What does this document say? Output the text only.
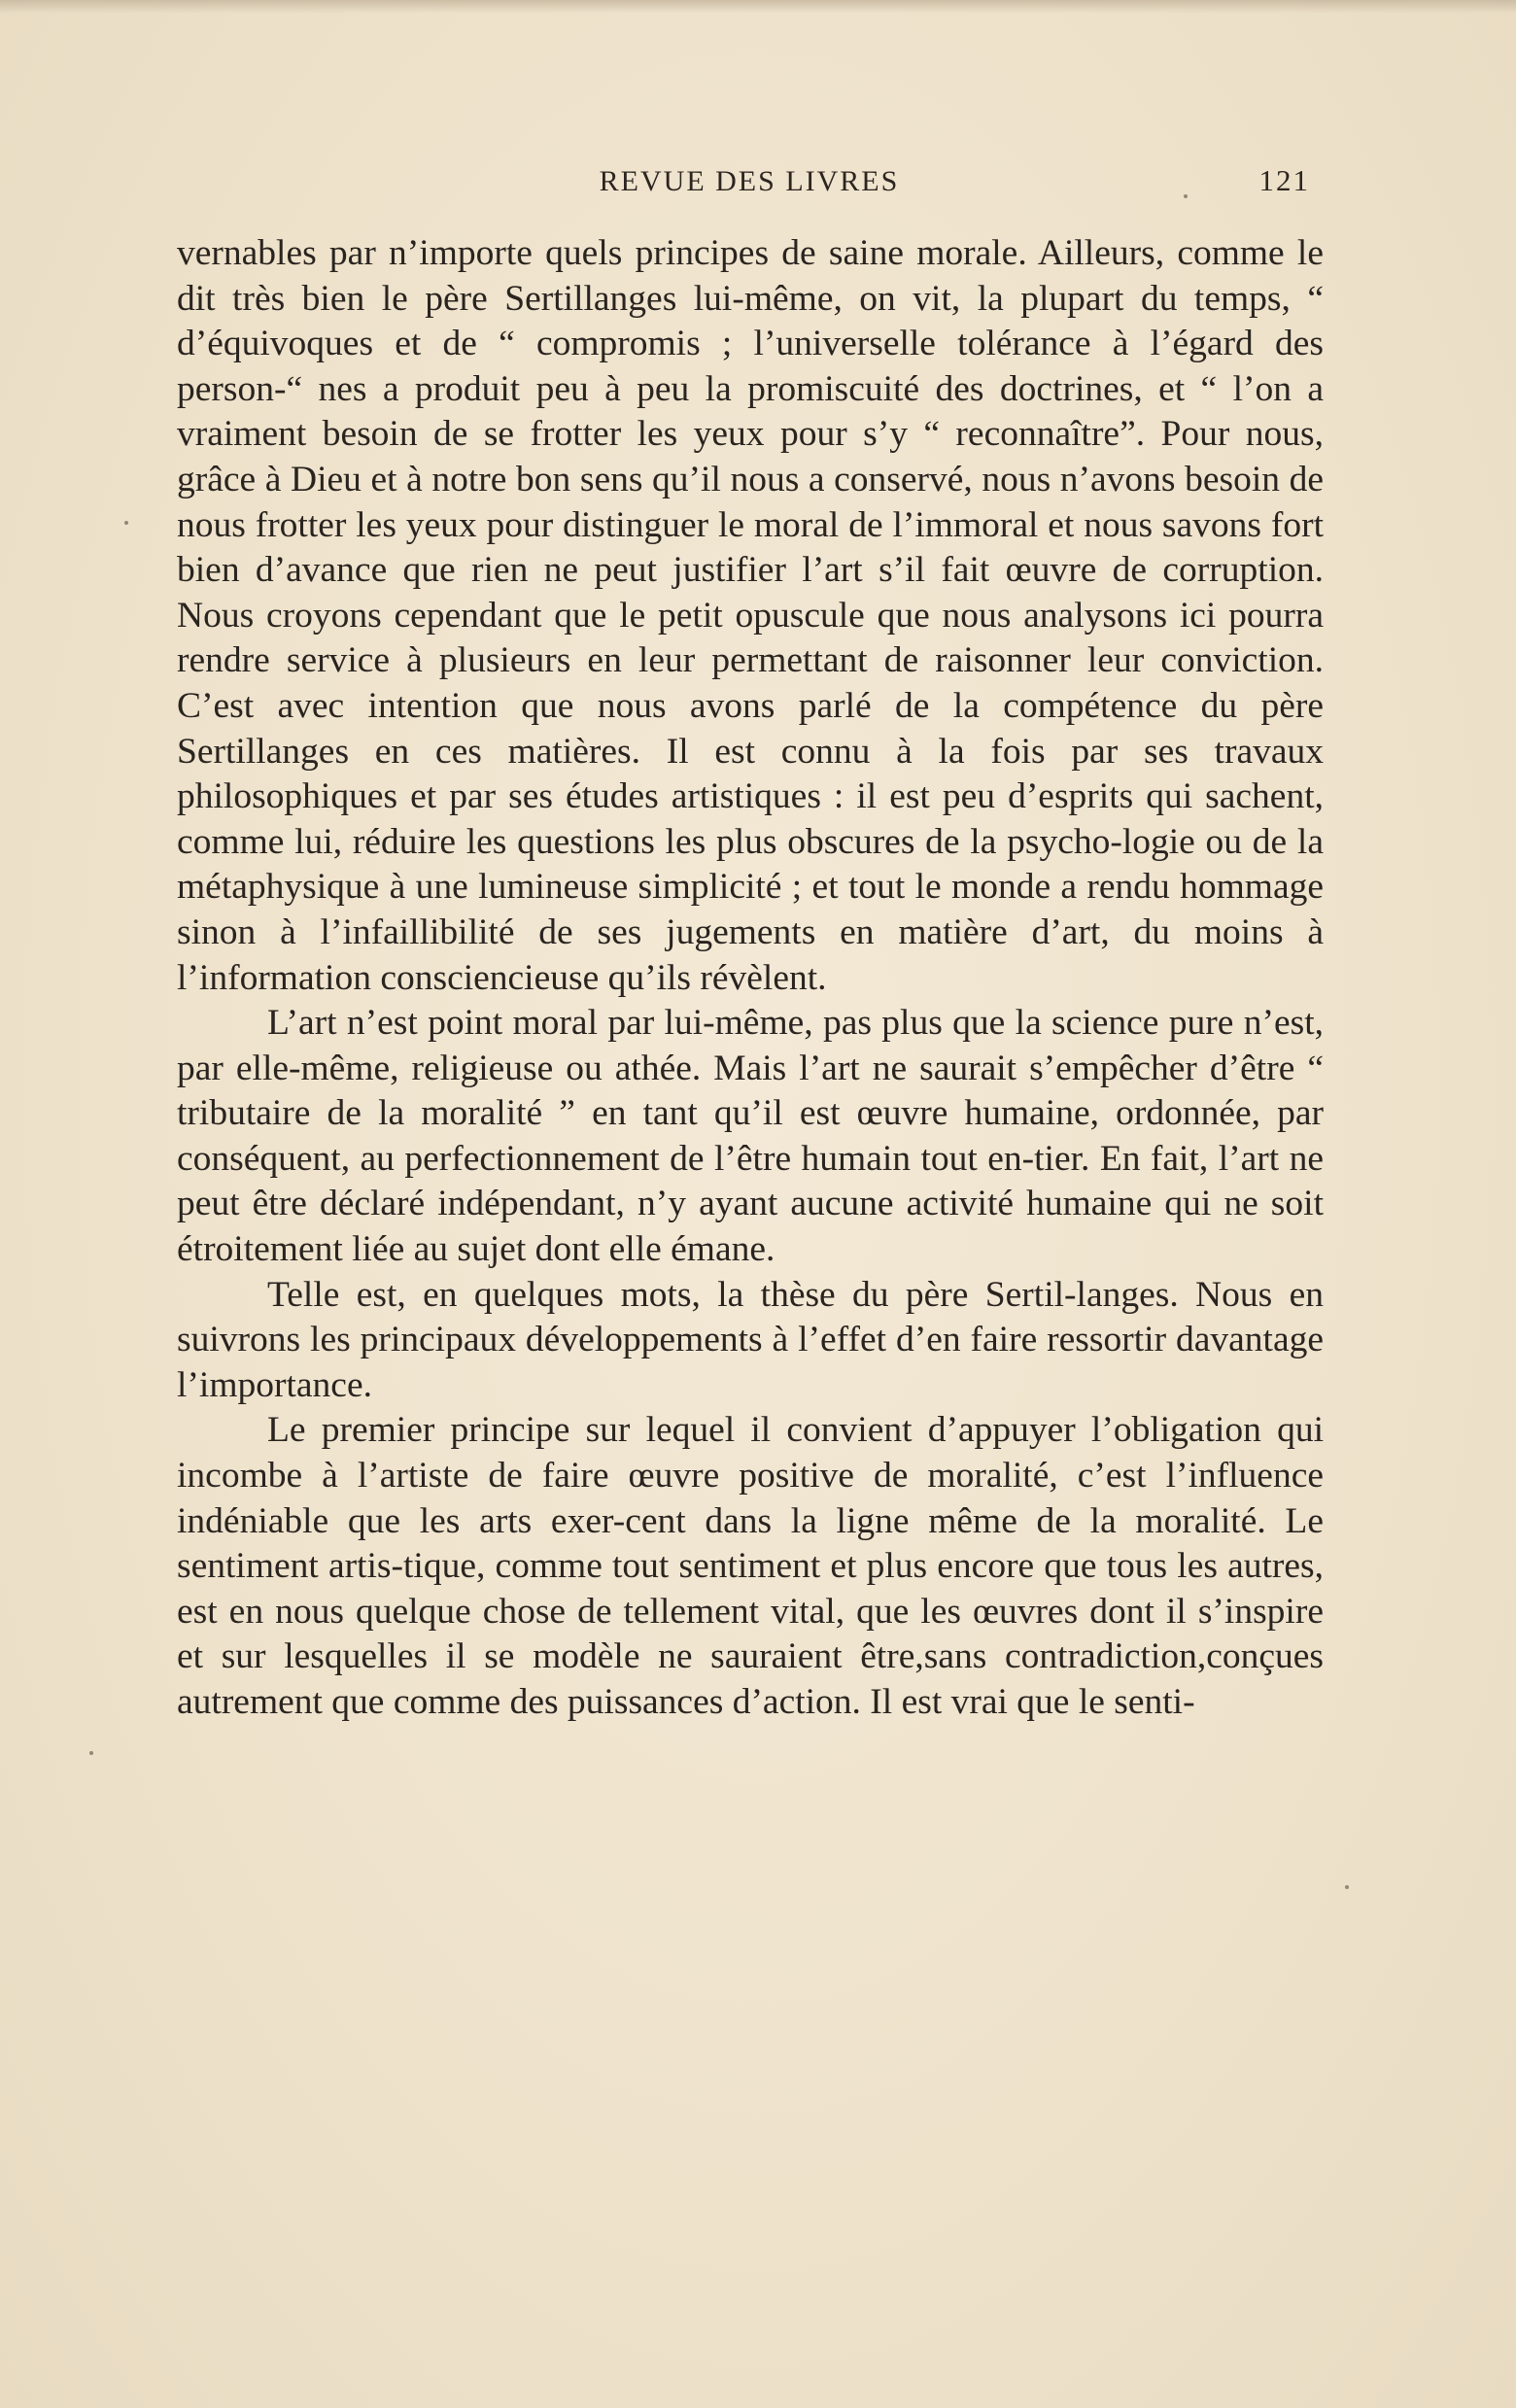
REVUE DES LIVRES	121

vernables par n’importe quels principes de saine morale. Ailleurs, comme le dit très bien le père Sertillanges lui-même, on vit, la plupart du temps, “ d’équivoques et de “ compromis ; l’universelle tolérance à l’égard des person-“ nes a produit peu à peu la promiscuité des doctrines, et “ l’on a vraiment besoin de se frotter les yeux pour s’y “ reconnaître”. Pour nous, grâce à Dieu et à notre bon sens qu’il nous a conservé, nous n’avons besoin de nous frotter les yeux pour distinguer le moral de l’immoral et nous savons fort bien d’avance que rien ne peut justifier l’art s’il fait œuvre de corruption. Nous croyons cependant que le petit opuscule que nous analysons ici pourra rendre service à plusieurs en leur permettant de raisonner leur conviction. C’est avec intention que nous avons parlé de la compétence du père Sertillanges en ces matières. Il est connu à la fois par ses travaux philosophiques et par ses études artistiques : il est peu d’esprits qui sachent, comme lui, réduire les questions les plus obscures de la psycho-logie ou de la métaphysique à une lumineuse simplicité ; et tout le monde a rendu hommage sinon à l’infaillibilité de ses jugements en matière d’art, du moins à l’information consciencieuse qu’ils révèlent.

L’art n’est point moral par lui-même, pas plus que la science pure n’est, par elle-même, religieuse ou athée. Mais l’art ne saurait s’empêcher d’être “ tributaire de la moralité ” en tant qu’il est œuvre humaine, ordonnée, par conséquent, au perfectionnement de l’être humain tout en-tier. En fait, l’art ne peut être déclaré indépendant, n’y ayant aucune activité humaine qui ne soit étroitement liée au sujet dont elle émane.

Telle est, en quelques mots, la thèse du père Sertil-langes. Nous en suivrons les principaux développements à l’effet d’en faire ressortir davantage l’importance.

Le premier principe sur lequel il convient d’appuyer l’obligation qui incombe à l’artiste de faire œuvre positive de moralité, c’est l’influence indéniable que les arts exer-cent dans la ligne même de la moralité. Le sentiment artis-tique, comme tout sentiment et plus encore que tous les autres, est en nous quelque chose de tellement vital, que les œuvres dont il s’inspire et sur lesquelles il se modèle ne sauraient être,sans contradiction,conçues autrement que comme des puissances d’action. Il est vrai que le senti-
